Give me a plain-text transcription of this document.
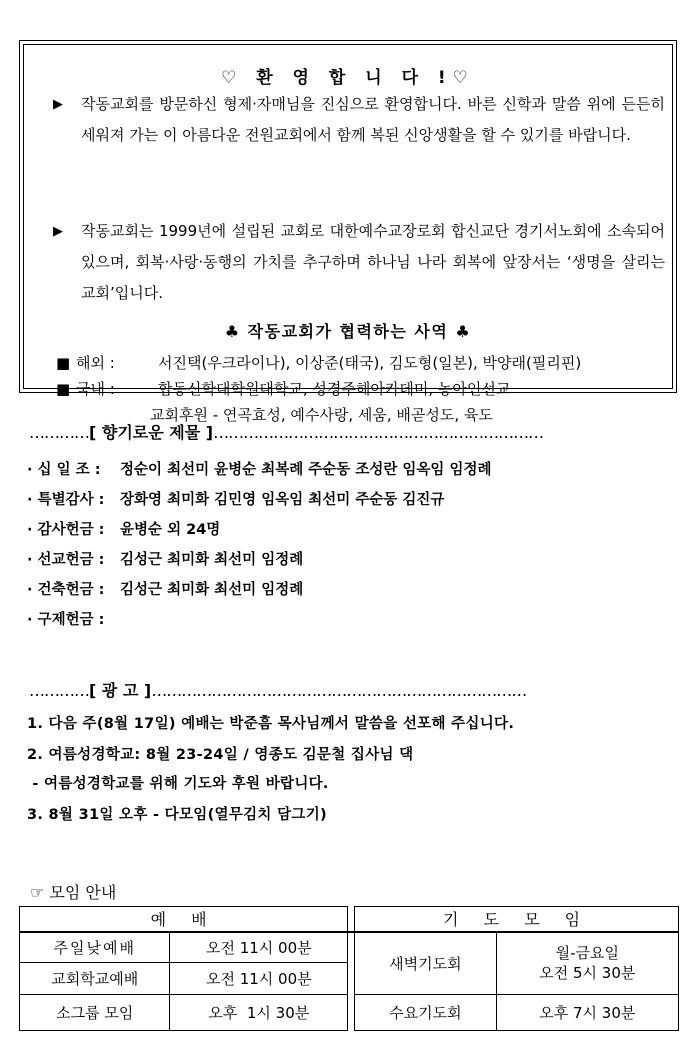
♡ 환 영 합 니 다 !♡
▶	작동교회를 방문하신 형제·자매님을 진심으로 환영합니다. 바른 신학과 말씀 위에 든든히 세워져 가는 이 아름다운 전원교회에서 함께 복된 신앙생활을 할 수 있기를 바랍니다.
▶	작동교회는 1999년에 설립된 교회로 대한예수교장로회 합신교단 경기서노회에 소속되어 있으며, 회복·사랑·동행의 가치를 추구하며 하나님 나라 회복에 앞장서는 ‘생명을 살리는 교회’입니다.
♣ 작동교회가 협력하는 사역 ♣
■ 해외 :	서진택(우크라이나), 이상준(태국), 김도형(일본), 박양래(필리핀)
■ 국내 :	합동신학대학원대학교, 성경주해아카데미, 농아인선교
교회후원 - 연곡효성, 예수사랑, 세움, 배곧성도, 육도
…………[ 향기로운 제물 ]…………………………………………………………
· 십 일 조 : 정순이 최선미 윤병순 최복례 주순동 조성란 임옥임 임정례
· 특별감사 : 장화영 최미화 김민영 임옥임 최선미 주순동 김진규
· 감사헌금 : 윤병순 외 24명
· 선교헌금 : 김성근 최미화 최선미 임정례
· 건축헌금 : 김성근 최미화 최선미 임정례
· 구제헌금 :
…………[ 광 고 ]…………………………………………………………………
1. 다음 주(8월 17일) 예배는 박준흠 목사님께서 말씀을 선포해 주십니다.
2. 여름성경학교: 8월 23-24일 / 영종도 김문철 집사님 댁
- 여름성경학교를 위해 기도와 후원 바랍니다.
3. 8월 31일 오후 - 다모임(열무김치 담그기)
☞ 모임 안내
예 배			기 도 모 임	
주일낮예배	오전 11시 00분		새벽기도회	월-금요일
오전 5시 30분

교회학교예배	오전 11시 00분			
소그룹 모임	오후  1시 30분		수요기도회	오후 7시 30분
